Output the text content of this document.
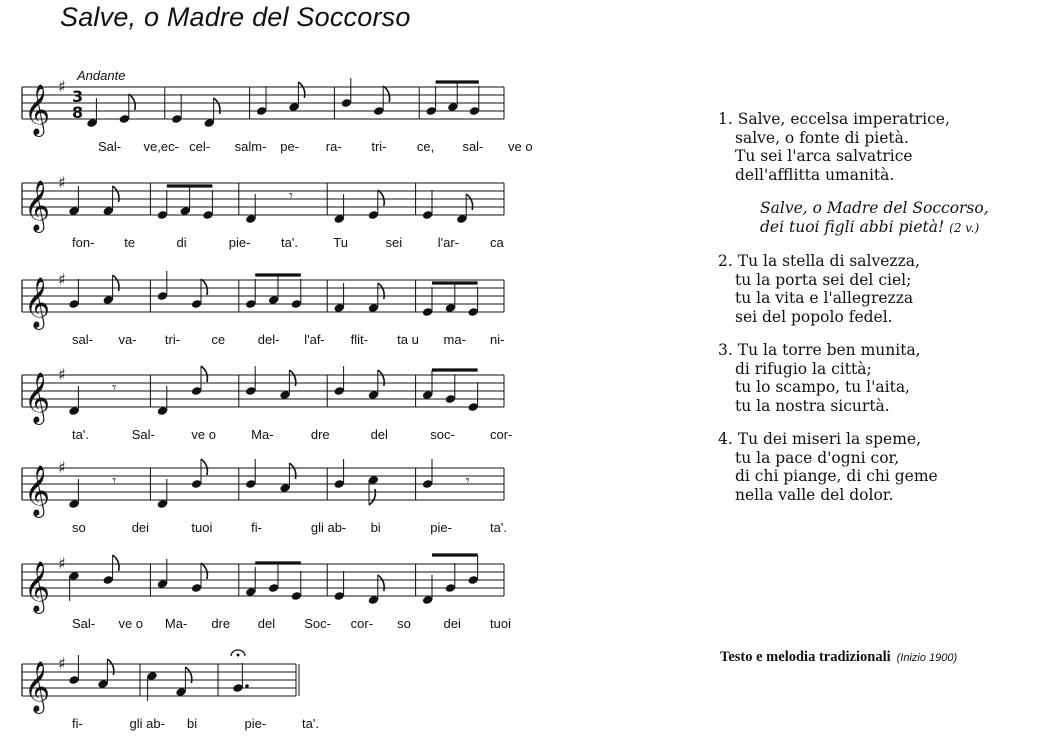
Salve, o Madre del Soccorso
Andante
𝄞 ♯
3
8
Sal- ve,ec- cel- salm- pe- ra- tri- ce, sal- ve o
𝄞 ♯
𝄾
fon- te	di	pie- ta'.	Tu	sei	l'ar- ca
𝄞 ♯
sal- va- tri- ce	del- l'af- flit- ta u ma- ni-
𝄞 ♯
𝄾
ta'.	Sal-	ve o	Ma-	dre	del	soc-	cor-
𝄞 ♯
𝄾	𝄾
so	dei	tuoi	fi-	gli ab- bi	pie-	ta'.
𝄞 ♯
Sal- ve o Ma- dre del Soc- cor- so	dei tuoi
𝄞 ♯
fi-	gli ab- bi	pie-	ta'.
1. Salve, eccelsa imperatrice,
salve, o fonte di pietà.
Tu sei l'arca salvatrice
dell'afflitta umanità.
Salve, o Madre del Soccorso,
dei tuoi figli abbi pietà! (2 v.)
2. Tu la stella di salvezza,
tu la porta sei del ciel;
tu la vita e l'allegrezza
sei del popolo fedel.
3. Tu la torre ben munita,
di rifugio la città;
tu lo scampo, tu l'aita,
tu la nostra sicurtà.
4. Tu dei miseri la speme,
tu la pace d'ogni cor,
di chi piange, di chi geme
nella valle del dolor.
Testo e melodia tradizionali (Inizio 1900)
